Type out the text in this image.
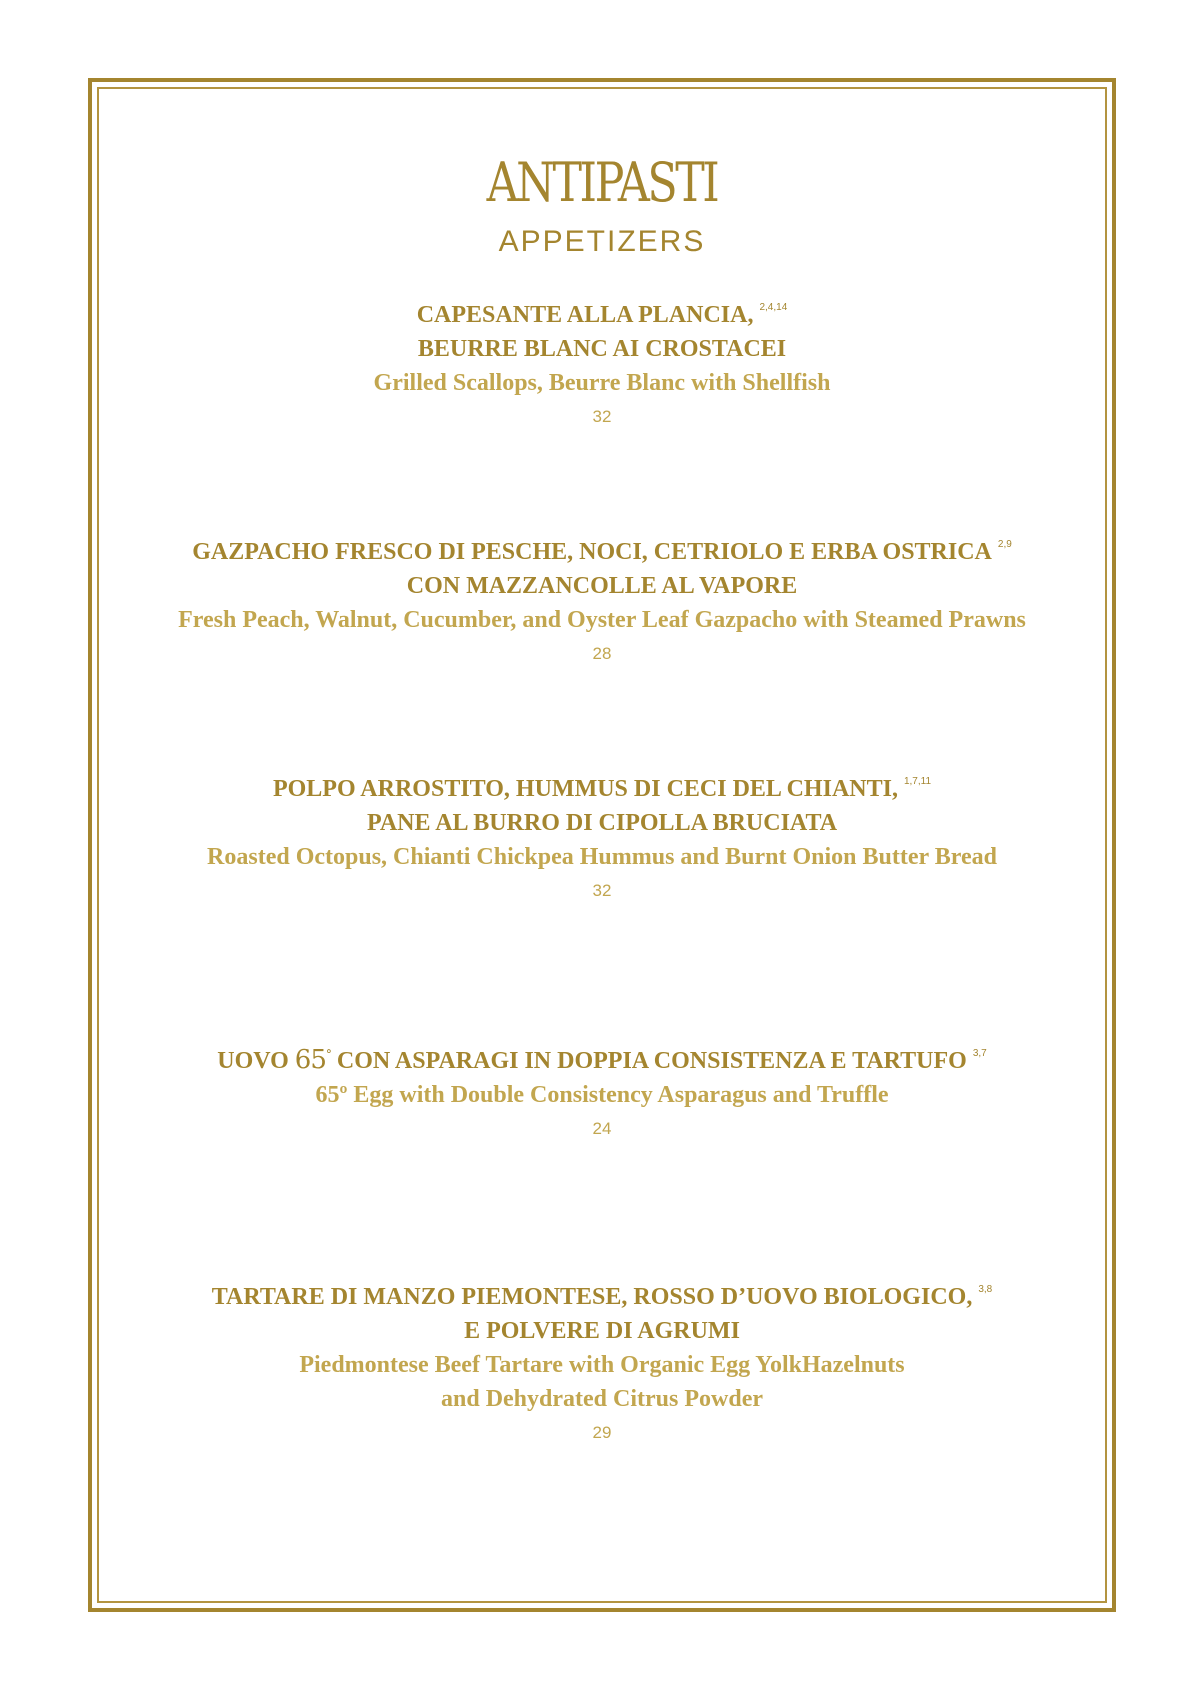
ANTIPASTI
APPETIZERS
CAPESANTE ALLA PLANCIA, $^{2,4,14}$
BEURRE BLANC AI CROSTACEI
Grilled Scallops, Beurre Blanc with Shellfish
32
GAZPACHO FRESCO DI PESCHE, NOCI, CETRIOLO E ERBA OSTRICA $^{2,9}$
CON MAZZANCOLLE AL VAPORE
Fresh Peach, Walnut, Cucumber, and Oyster Leaf Gazpacho with Steamed Prawns
28
POLPO ARROSTITO, HUMMUS DI CECI DEL CHIANTI, $^{1,7,11}$
PANE AL BURRO DI CIPOLLA BRUCIATA
Roasted Octopus, Chianti Chickpea Hummus and Burnt Onion Butter Bread
32
UOVO 65° CON ASPARAGI IN DOPPIA CONSISTENZA E TARTUFO $^{3,7}$
65º Egg with Double Consistency Asparagus and Truffle
24
TARTARE DI MANZO PIEMONTESE, ROSSO D’UOVO BIOLOGICO, $^{3,8}$
E POLVERE DI AGRUMI
Piedmontese Beef Tartare with Organic Egg YolkHazelnuts
and Dehydrated Citrus Powder
29
